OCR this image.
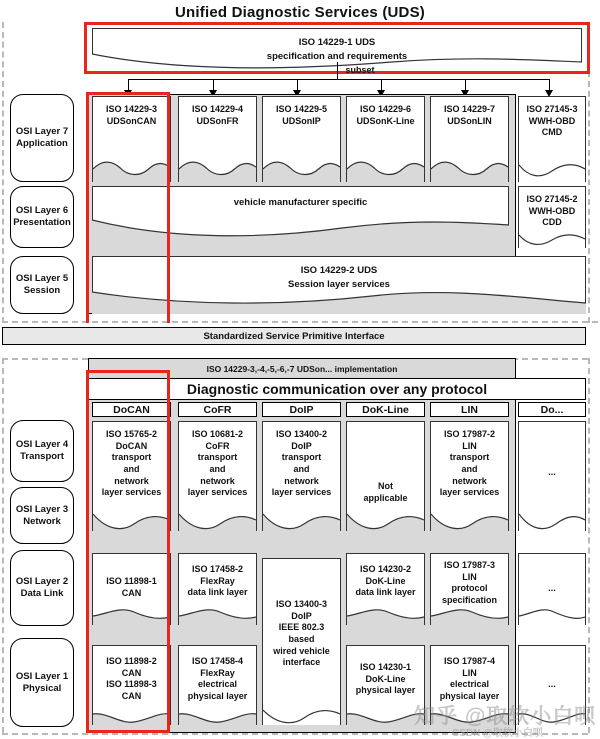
Unified Diagnostic Services (UDS)
ISO 14229-1 UDS
specification and requirements
subset
OSI Layer 7
Application
OSI Layer 6
Presentation
OSI Layer 5
Session
OSI Layer 4
Transport
OSI Layer 3
Network
OSI Layer 2
Data Link
OSI Layer 1
Physical
ISO 14229-3
UDSonCAN
ISO 14229-4
UDSonFR
ISO 14229-5
UDSonIP
ISO 14229-6
UDSonK-Line
ISO 14229-7
UDSonLIN
ISO 27145-3
WWH-OBD
CMD
vehicle manufacturer specific	ISO 27145-2
WWH-OBD
CDD
ISO 14229-2 UDS
Session layer services
Standardized Service Primitive Interface
ISO 14229-3,-4,-5,-6,-7 UDSon... implementation
Diagnostic communication over any protocol
DoCAN	CoFR	DoIP	DoK-Line	LIN	Do...
ISO 15765-2
DoCAN
transport
and
network
layer services
ISO 10681-2
CoFR
transport
and
network
layer services
ISO 13400-2
DoIP
transport
and
network
layer services
Not
applicable
ISO 17987-2
LIN
transport
and
network
layer services
...
ISO 11898-1
CAN
ISO 17458-2
FlexRay
data link layer
ISO 13400-3
DoIP
IEEE 802.3
based
wired vehicle
interface
ISO 14230-2
DoK-Line
data link layer
ISO 17987-3
LIN
protocol
specification
...
ISO 11898-2
CAN
ISO 11898-3
CAN
ISO 17458-4
FlexRay
electrical
physical layer
ISO 14230-1
DoK-Line
physical layer
ISO 17987-4
LIN
electrical
physical layer
...
知乎 @取软小白呗
CSDN @取软小白呗
